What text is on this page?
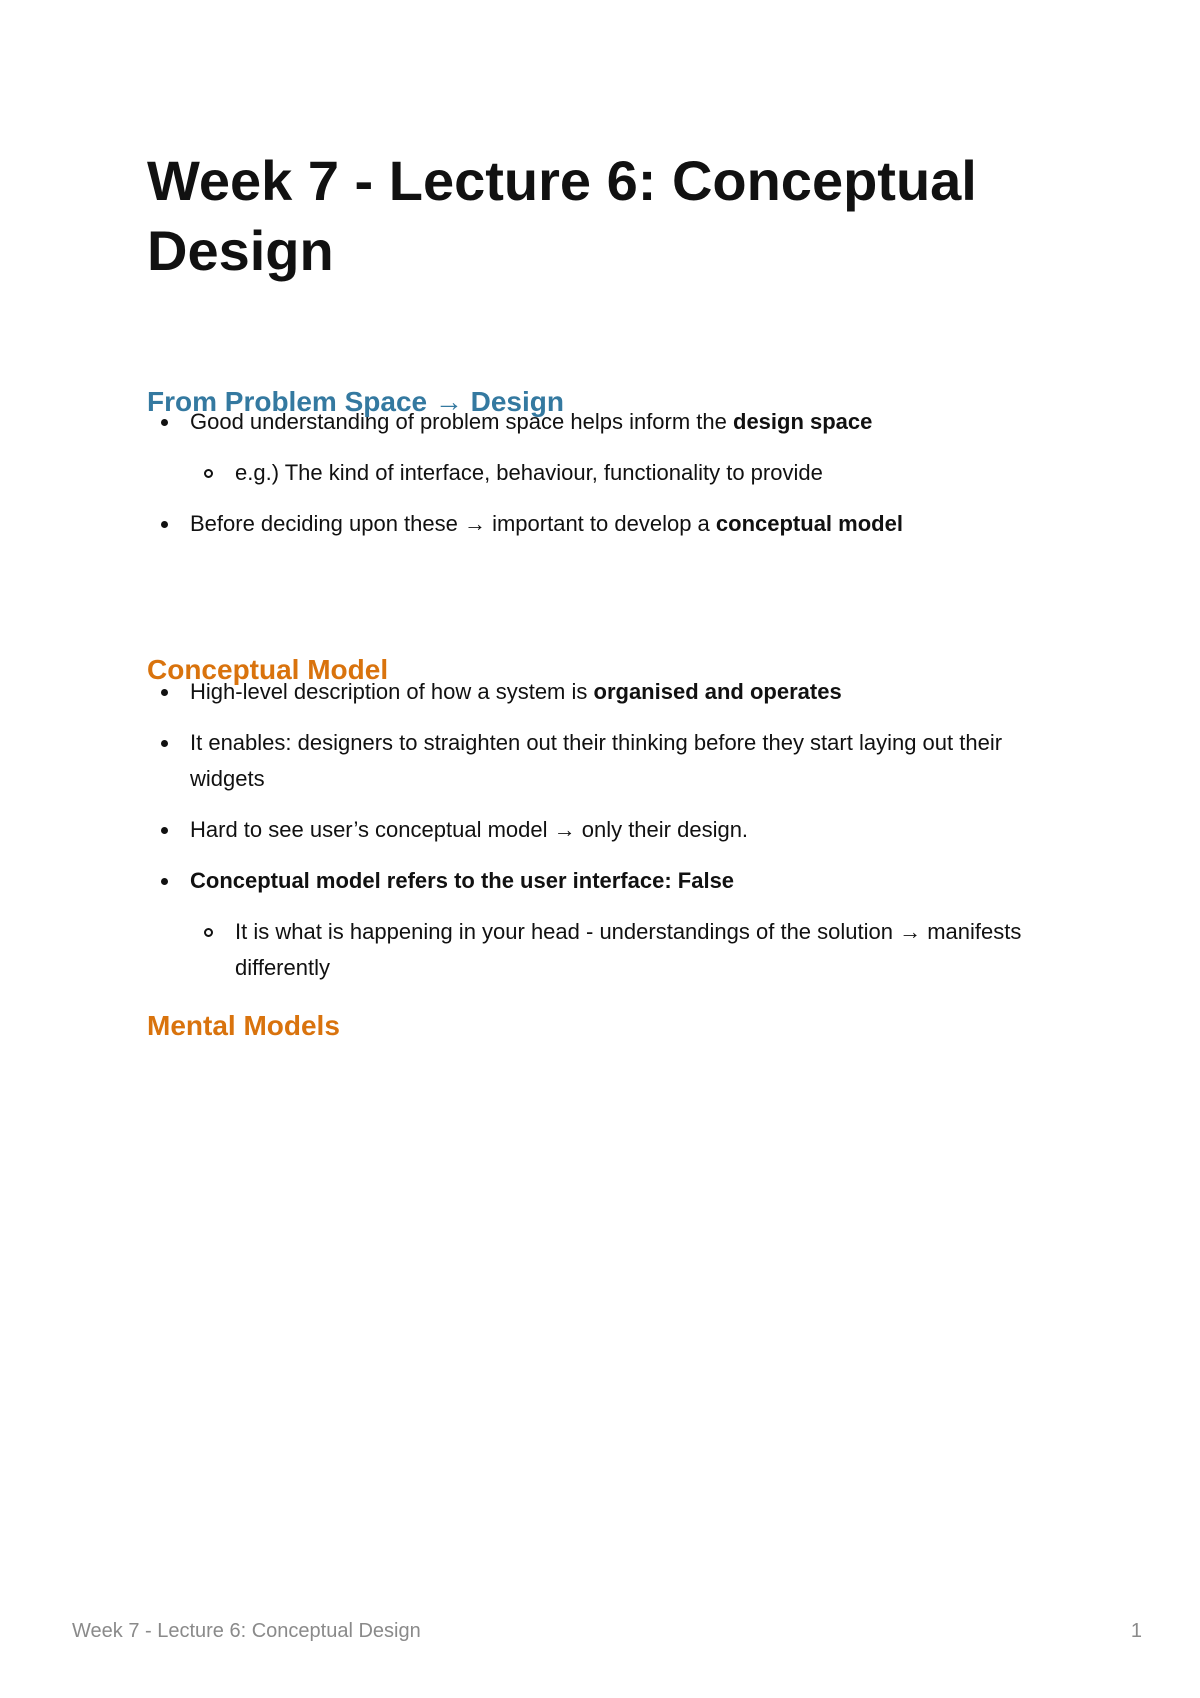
Week 7 - Lecture 6: Conceptual Design
From Problem Space → Design
Good understanding of problem space helps inform the design space
e.g.) The kind of interface, behaviour, functionality to provide
Before deciding upon these → important to develop a conceptual model
Conceptual Model
High-level description of how a system is organised and operates
It enables: designers to straighten out their thinking before they start laying out their widgets
Hard to see user’s conceptual model → only their design.
Conceptual model refers to the user interface: False
It is what is happening in your head - understandings of the solution → manifests differently
Mental Models
Week 7 - Lecture 6: Conceptual Design	1
